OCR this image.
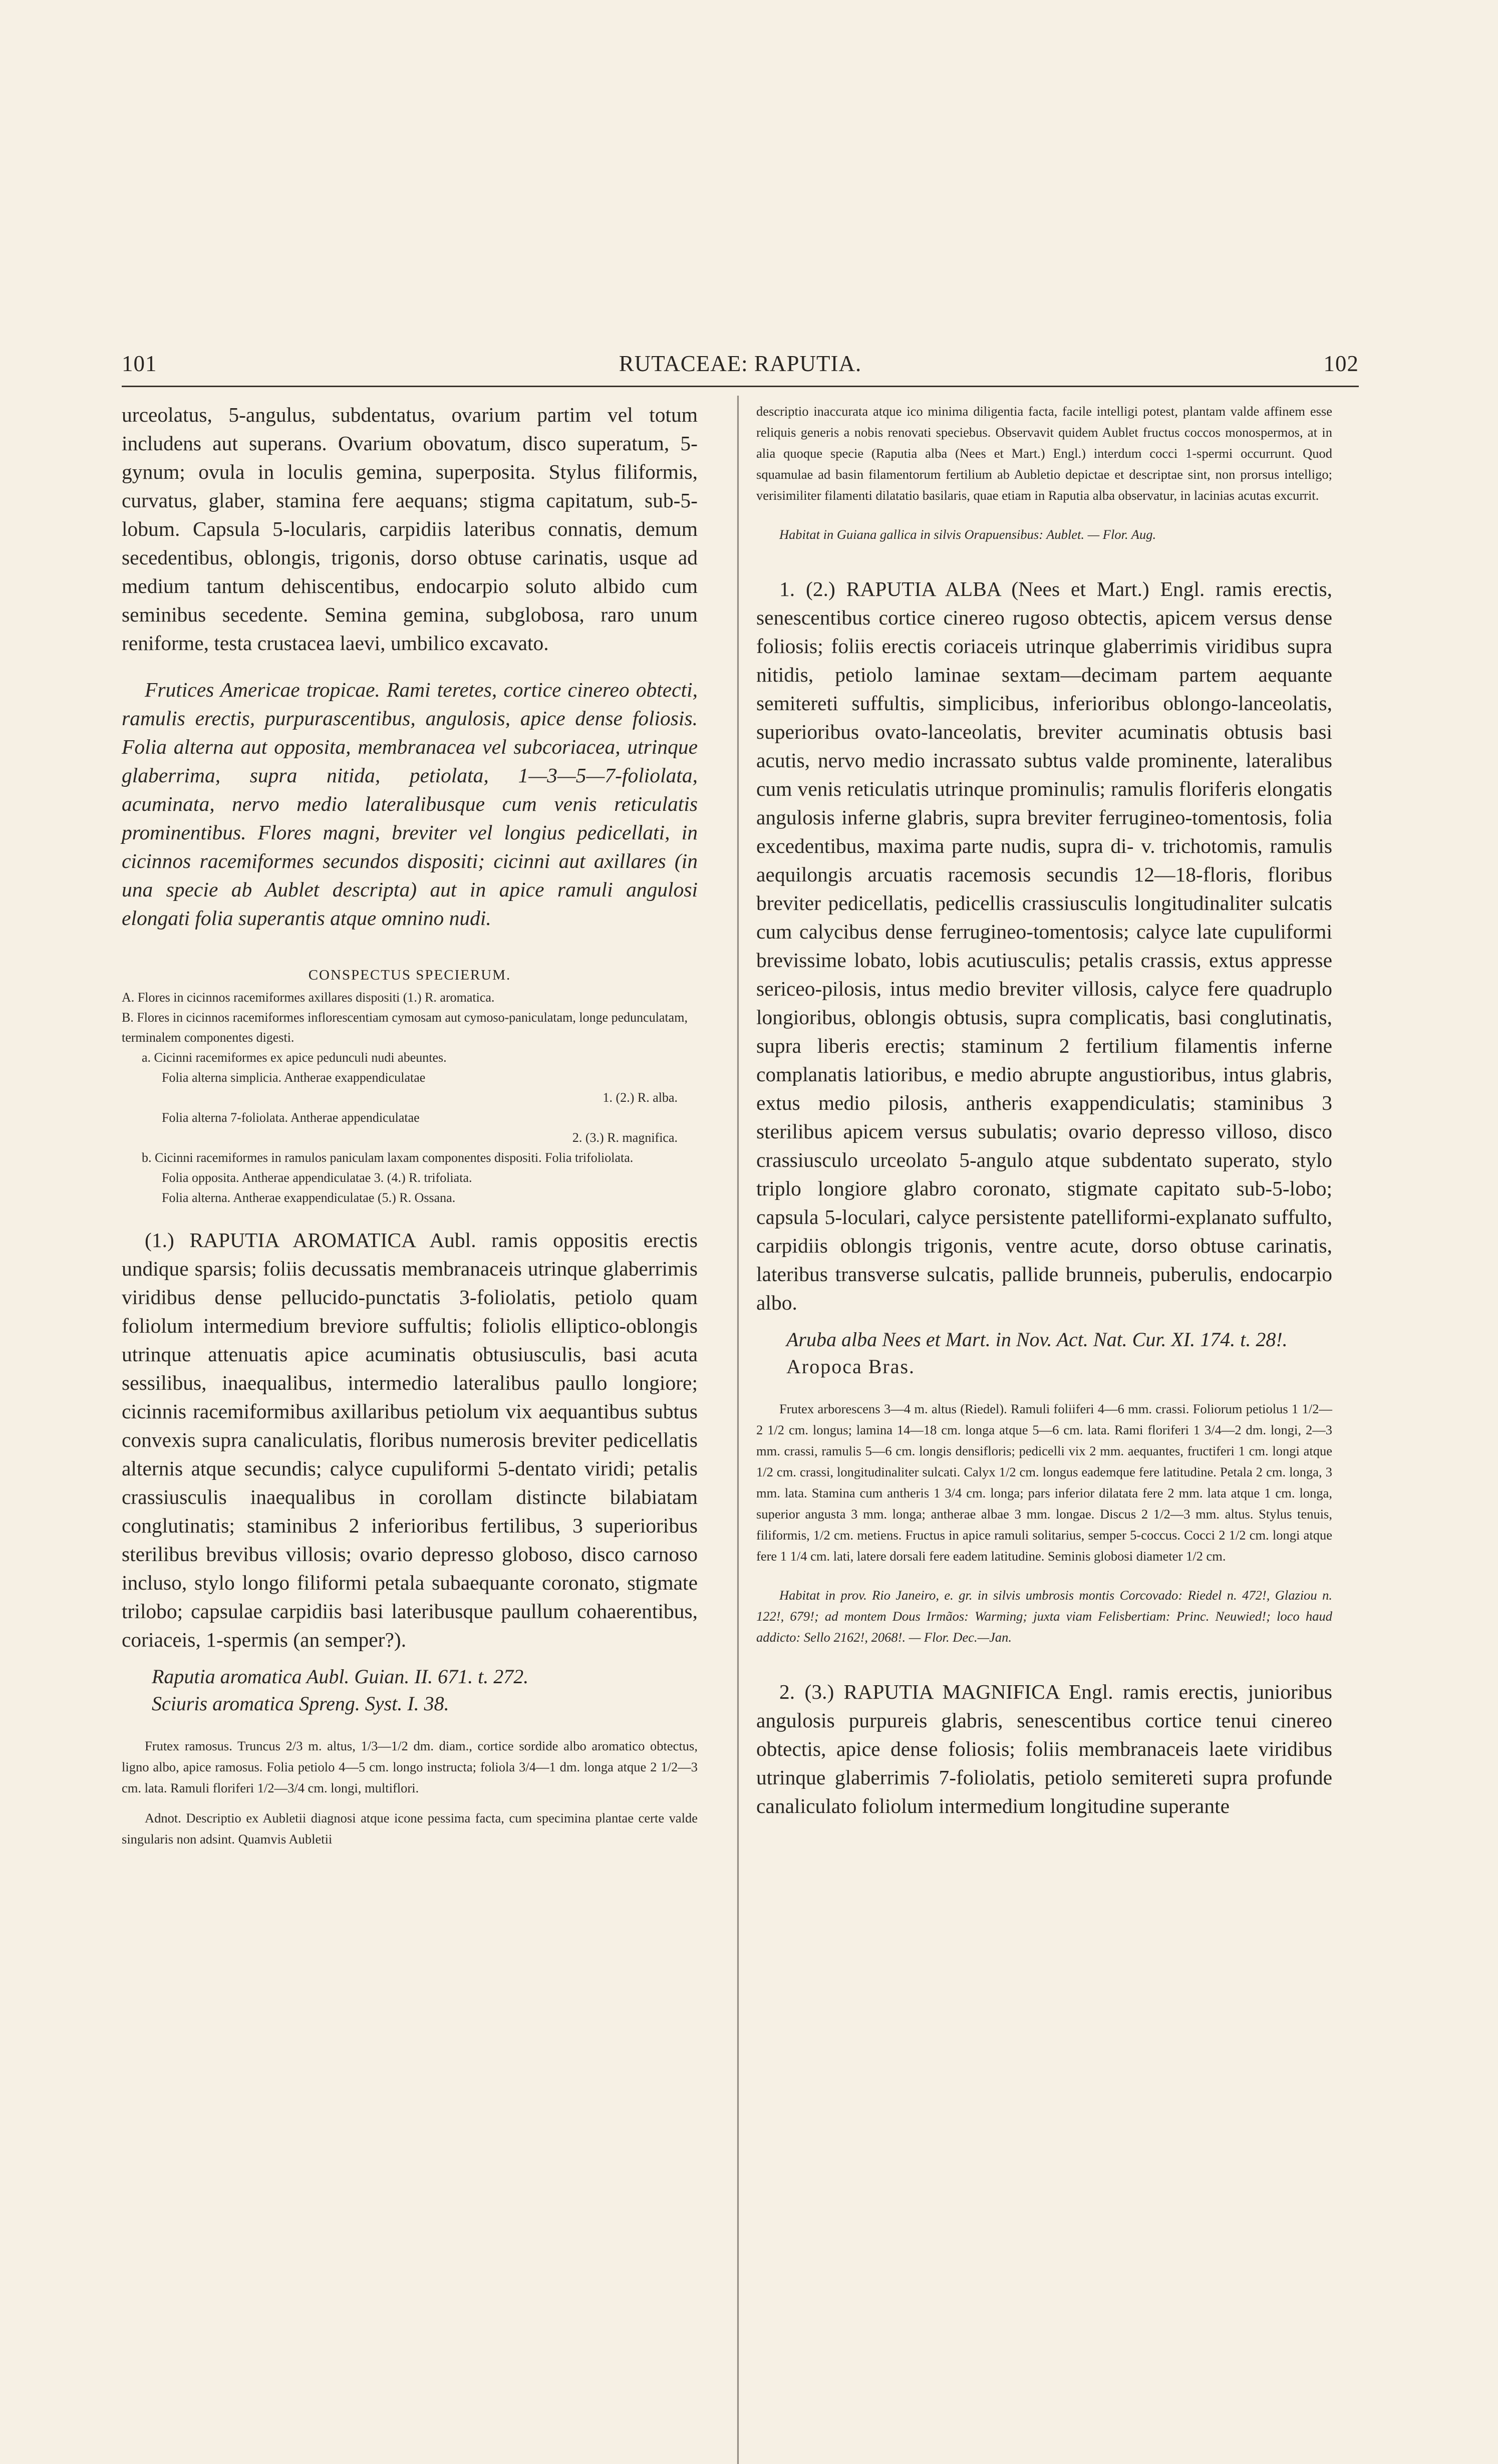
101	RUTACEAE: RAPUTIA.	102

urceolatus, 5-angulus, subdentatus, ovarium partim vel totum includens aut superans. Ovarium obovatum, disco superatum, 5-gynum; ovula in loculis gemina, superposita. Stylus filiformis, curvatus, glaber, stamina fere aequans; stigma capitatum, sub-5-lobum. Capsula 5-locularis, carpidiis lateribus connatis, demum secedentibus, oblongis, trigonis, dorso obtuse carinatis, usque ad medium tantum dehiscentibus, endocarpio soluto albido cum seminibus secedente. Semina gemina, subglobosa, raro unum reniforme, testa crustacea laevi, umbilico excavato.

Frutices Americae tropicae. Rami teretes, cortice cinereo obtecti, ramulis erectis, purpurascentibus, angulosis, apice dense foliosis. Folia alterna aut opposita, membranacea vel subcoriacea, utrinque glaberrima, supra nitida, petiolata, 1—3—5—7-foliolata, acuminata, nervo medio lateralibusque cum venis reticulatis prominentibus. Flores magni, breviter vel longius pedicellati, in cicinnos racemiformes secundos dispositi; cicinni aut axillares (in una specie ab Aublet descripta) aut in apice ramuli angulosi elongati folia superantis atque omnino nudi.

CONSPECTUS SPECIERUM.

A. Flores in cicinnos racemiformes axillares dispositi (1.) R. aromatica.
B. Flores in cicinnos racemiformes inflorescentiam cymosam aut cymoso-paniculatam, longe pedunculatam, terminalem componentes digesti.
a. Cicinni racemiformes ex apice pedunculi nudi abeuntes.
Folia alterna simplicia. Antherae exappendiculatae
1. (2.) R. alba.
Folia alterna 7-foliolata. Antherae appendiculatae
2. (3.) R. magnifica.
b. Cicinni racemiformes in ramulos paniculam laxam componentes dispositi. Folia trifoliolata.
Folia opposita. Antherae appendiculatae 3. (4.) R. trifoliata.
Folia alterna. Antherae exappendiculatae (5.) R. Ossana.

(1.) RAPUTIA AROMATICA Aubl. ramis oppositis erectis undique sparsis; foliis decussatis membranaceis utrinque glaberrimis viridibus dense pellucido-punctatis 3-foliolatis, petiolo quam foliolum intermedium breviore suffultis; foliolis elliptico-oblongis utrinque attenuatis apice acuminatis obtusiusculis, basi acuta sessilibus, inaequalibus, intermedio lateralibus paullo longiore; cicinnis racemiformibus axillaribus petiolum vix aequantibus subtus convexis supra canaliculatis, floribus numerosis breviter pedicellatis alternis atque secundis; calyce cupuliformi 5-dentato viridi; petalis crassiusculis inaequalibus in corollam distincte bilabiatam conglutinatis; staminibus 2 inferioribus fertilibus, 3 superioribus sterilibus brevibus villosis; ovario depresso globoso, disco carnoso incluso, stylo longo filiformi petala subaequante coronato, stigmate trilobo; capsulae carpidiis basi lateribusque paullum cohaerentibus, coriaceis, 1-spermis (an semper?).

Raputia aromatica Aubl. Guian. II. 671. t. 272.

Sciuris aromatica Spreng. Syst. I. 38.

Frutex ramosus. Truncus 2/3 m. altus, 1/3—1/2 dm. diam., cortice sordide albo aromatico obtectus, ligno albo, apice ramosus. Folia petiolo 4—5 cm. longo instructa; foliola 3/4—1 dm. longa atque 2 1/2—3 cm. lata. Ramuli floriferi 1/2—3/4 cm. longi, multiflori.

Adnot. Descriptio ex Aubletii diagnosi atque icone pessima facta, cum specimina plantae certe valde singularis non adsint. Quamvis Aubletii

descriptio inaccurata atque ico minima diligentia facta, facile intelligi potest, plantam valde affinem esse reliquis generis a nobis renovati speciebus. Observavit quidem Aublet fructus coccos monospermos, at in alia quoque specie (Raputia alba (Nees et Mart.) Engl.) interdum cocci 1-spermi occurrunt. Quod squamulae ad basin filamentorum fertilium ab Aubletio depictae et descriptae sint, non prorsus intelligo; verisimiliter filamenti dilatatio basilaris, quae etiam in Raputia alba observatur, in lacinias acutas excurrit.

Habitat in Guiana gallica in silvis Orapuensibus: Aublet. — Flor. Aug.

1. (2.) RAPUTIA ALBA (Nees et Mart.) Engl. ramis erectis, senescentibus cortice cinereo rugoso obtectis, apicem versus dense foliosis; foliis erectis coriaceis utrinque glaberrimis viridibus supra nitidis, petiolo laminae sextam—decimam partem aequante semitereti suffultis, simplicibus, inferioribus oblongo-lanceolatis, superioribus ovato-lanceolatis, breviter acuminatis obtusis basi acutis, nervo medio incrassato subtus valde prominente, lateralibus cum venis reticulatis utrinque prominulis; ramulis floriferis elongatis angulosis inferne glabris, supra breviter ferrugineo-tomentosis, folia excedentibus, maxima parte nudis, supra di- v. trichotomis, ramulis aequilongis arcuatis racemosis secundis 12—18-floris, floribus breviter pedicellatis, pedicellis crassiusculis longitudinaliter sulcatis cum calycibus dense ferrugineo-tomentosis; calyce late cupuliformi brevissime lobato, lobis acutiusculis; petalis crassis, extus appresse sericeo-pilosis, intus medio breviter villosis, calyce fere quadruplo longioribus, oblongis obtusis, supra complicatis, basi conglutinatis, supra liberis erectis; staminum 2 fertilium filamentis inferne complanatis latioribus, e medio abrupte angustioribus, intus glabris, extus medio pilosis, antheris exappendiculatis; staminibus 3 sterilibus apicem versus subulatis; ovario depresso villoso, disco crassiusculo urceolato 5-angulo atque subdentato superato, stylo triplo longiore glabro coronato, stigmate capitato sub-5-lobo; capsula 5-loculari, calyce persistente patelliformi-explanato suffulto, carpidiis oblongis trigonis, ventre acute, dorso obtuse carinatis, lateribus transverse sulcatis, pallide brunneis, puberulis, endocarpio albo.

Aruba alba Nees et Mart. in Nov. Act. Nat. Cur. XI. 174. t. 28!.

Aropoca Bras.

Frutex arborescens 3—4 m. altus (Riedel). Ramuli foliiferi 4—6 mm. crassi. Foliorum petiolus 1 1/2—2 1/2 cm. longus; lamina 14—18 cm. longa atque 5—6 cm. lata. Rami floriferi 1 3/4—2 dm. longi, 2—3 mm. crassi, ramulis 5—6 cm. longis densifloris; pedicelli vix 2 mm. aequantes, fructiferi 1 cm. longi atque 1/2 cm. crassi, longitudinaliter sulcati. Calyx 1/2 cm. longus eademque fere latitudine. Petala 2 cm. longa, 3 mm. lata. Stamina cum antheris 1 3/4 cm. longa; pars inferior dilatata fere 2 mm. lata atque 1 cm. longa, superior angusta 3 mm. longa; antherae albae 3 mm. longae. Discus 2 1/2—3 mm. altus. Stylus tenuis, filiformis, 1/2 cm. metiens. Fructus in apice ramuli solitarius, semper 5-coccus. Cocci 2 1/2 cm. longi atque fere 1 1/4 cm. lati, latere dorsali fere eadem latitudine. Seminis globosi diameter 1/2 cm.

Habitat in prov. Rio Janeiro, e. gr. in silvis umbrosis montis Corcovado: Riedel n. 472!, Glaziou n. 122!, 679!; ad montem Dous Irmãos: Warming; juxta viam Felisbertiam: Princ. Neuwied!; loco haud addicto: Sello 2162!, 2068!. — Flor. Dec.—Jan.

2. (3.) RAPUTIA MAGNIFICA Engl. ramis erectis, junioribus angulosis purpureis glabris, senescentibus cortice tenui cinereo obtectis, apice dense foliosis; foliis membranaceis laete viridibus utrinque glaberrimis 7-foliolatis, petiolo semitereti supra profunde canaliculato foliolum intermedium longitudine superante
